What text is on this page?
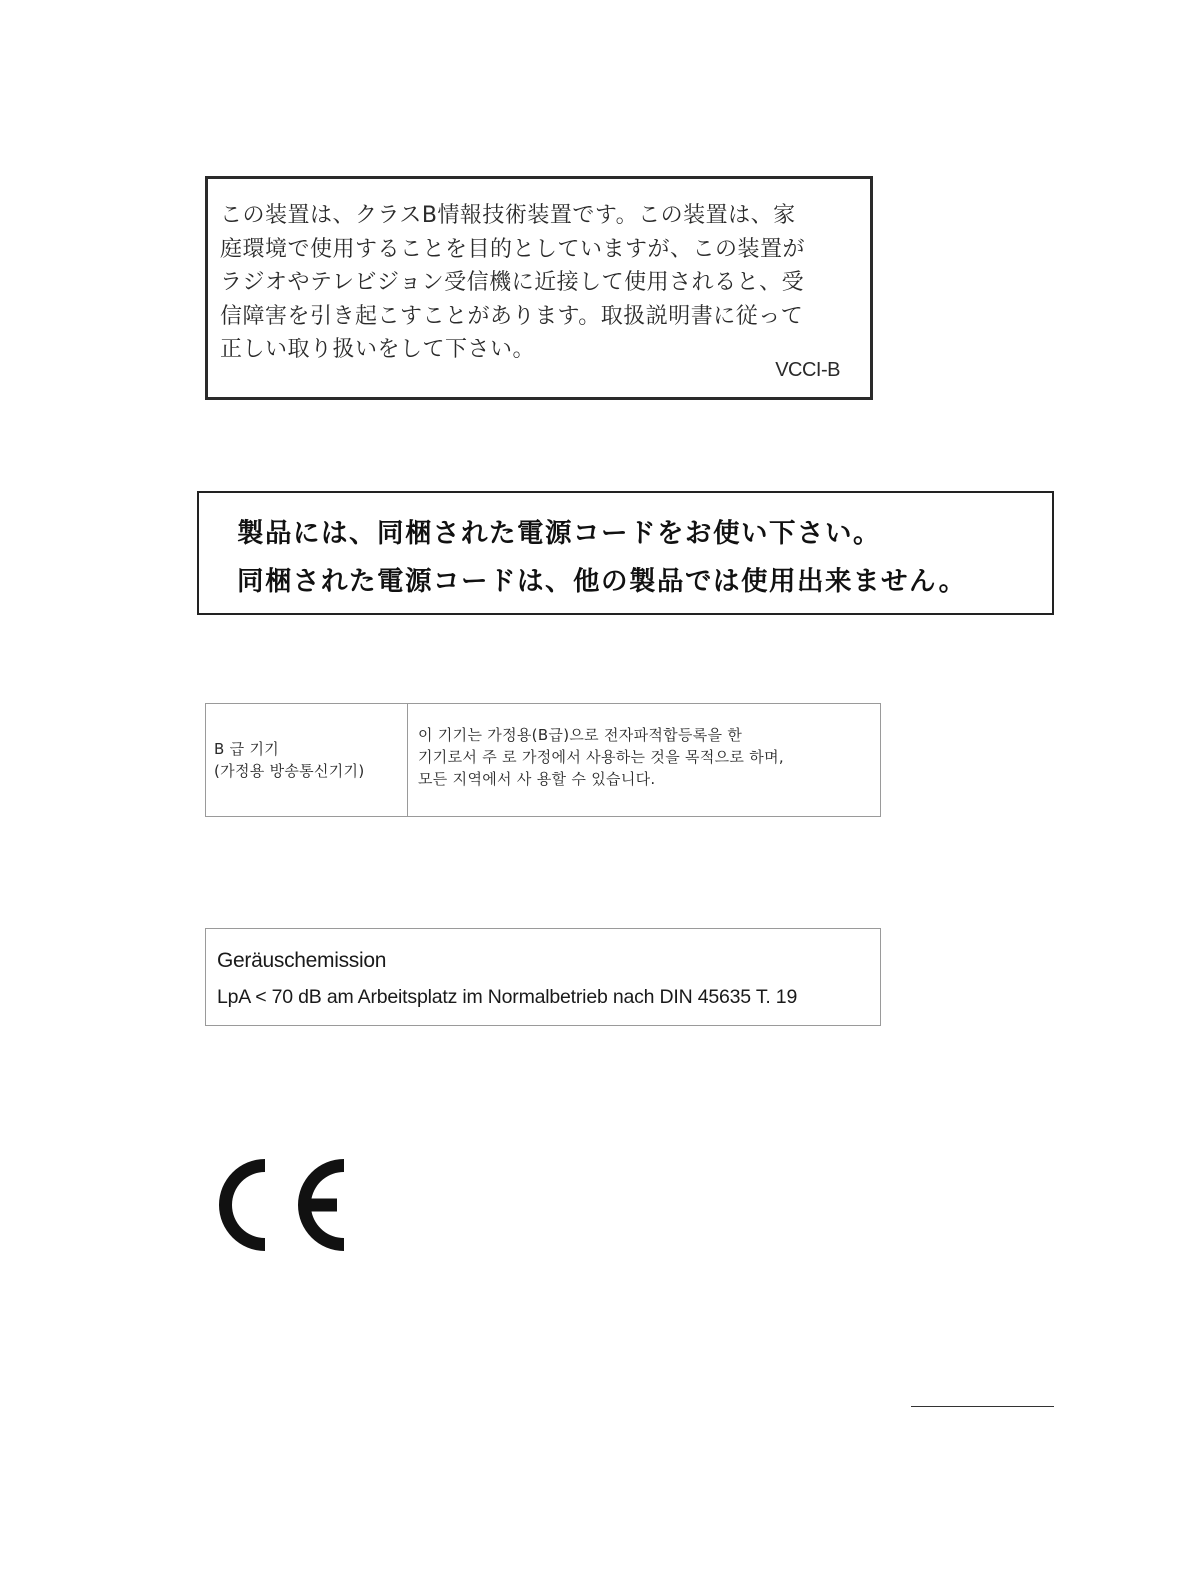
この装置は、クラスB情報技術装置です。この装置は、家
庭環境で使用することを目的としていますが、この装置が
ラジオやテレビジョン受信機に近接して使用されると、受
信障害を引き起こすことがあります。取扱説明書に従って
正しい取り扱いをして下さい。

VCCI-B
製品には、同梱された電源コードをお使い下さい。
同梱された電源コードは、他の製品では使用出来ません。
B 급 기기
(가정용 방송통신기기)
이 기기는 가정용(B급)으로 전자파적합등록을 한
기기로서 주 로 가정에서 사용하는 것을 목적으로 하며,
모든 지역에서 사 용할 수 있습니다.
Geräuschemission
LpA < 70 dB am Arbeitsplatz im Normalbetrieb nach DIN 45635 T. 19
